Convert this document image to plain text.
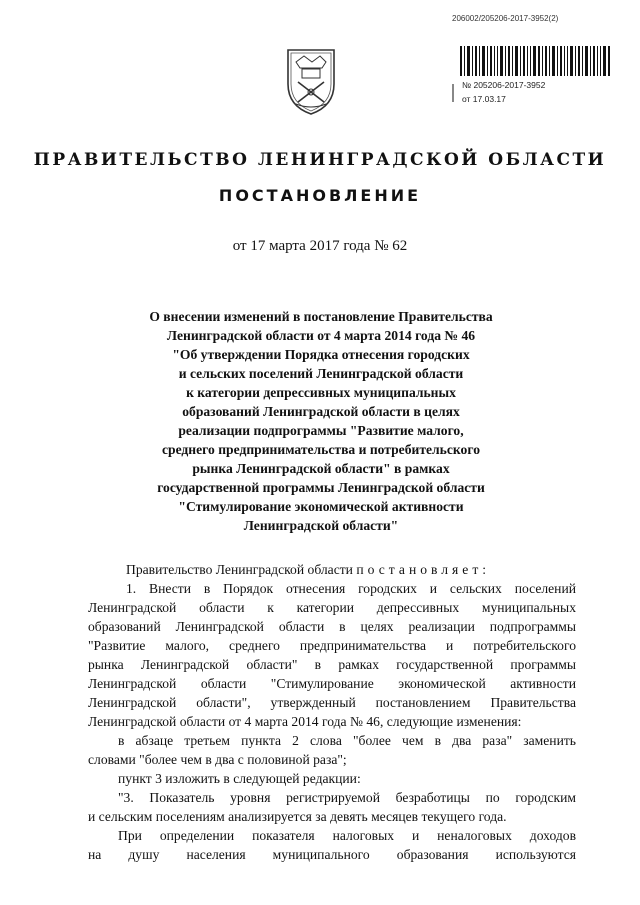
206002/205206-2017-3952(2)
№ 205206-2017-3952
от 17.03.17
ПРАВИТЕЛЬСТВО ЛЕНИНГРАДСКОЙ ОБЛАСТИ
ПОСТАНОВЛЕНИЕ
от 17 марта 2017 года № 62
О внесении изменений в постановление Правительства
Ленинградской области от 4 марта 2014 года № 46
"Об утверждении Порядка отнесения городских
и сельских поселений Ленинградской области
к категории депрессивных муниципальных
образований Ленинградской области в целях
реализации подпрограммы "Развитие малого,
среднего предпринимательства и потребительского
рынка Ленинградской области" в рамках
государственной программы Ленинградской области
"Стимулирование экономической активности
Ленинградской области"
Правительство Ленинградской области постановляет:
1. Внести в Порядок отнесения городских и сельских поселений
Ленинградской области к категории депрессивных муниципальных
образований Ленинградской области в целях реализации подпрограммы
"Развитие малого, среднего предпринимательства и потребительского
рынка Ленинградской области" в рамках государственной программы
Ленинградской области "Стимулирование экономической активности
Ленинградской области", утвержденный постановлением Правительства
Ленинградской области от 4 марта 2014 года № 46, следующие изменения:
в абзаце третьем пункта 2 слова "более чем в два раза" заменить
словами "более чем в два с половиной раза";
пункт 3 изложить в следующей редакции:
"3. Показатель уровня регистрируемой безработицы по городским
и сельским поселениям анализируется за девять месяцев текущего года.
При определении показателя налоговых и неналоговых доходов
на душу населения муниципального образования используются
